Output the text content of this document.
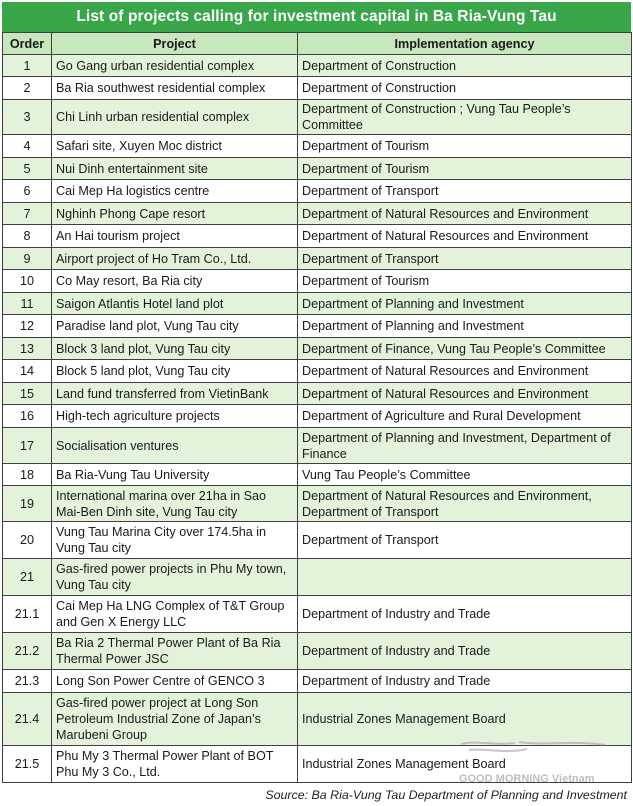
List of projects calling for investment capital in Ba Ria-Vung Tau
Order	Project	Implementation agency
1	Go Gang urban residential complex	Department of Construction
2	Ba Ria southwest residential complex	Department of Construction
3	Chi Linh urban residential complex	Department of Construction ; Vung Tau People’s Committee
4	Safari site, Xuyen Moc district	Department of Tourism
5	Nui Dinh entertainment site	Department of Tourism
6	Cai Mep Ha logistics centre	Department of Transport
7	Nghinh Phong Cape resort	Department of Natural Resources and Environment
8	An Hai tourism project	Department of Natural Resources and Environment
9	Airport project of Ho Tram Co., Ltd.	Department of Transport
10	Co May resort, Ba Ria city	Department of Tourism
11	Saigon Atlantis Hotel land plot	Department of Planning and Investment
12	Paradise land plot, Vung Tau city	Department of Planning and Investment
13	Block 3 land plot, Vung Tau city	Department of Finance, Vung Tau People’s Committee
14	Block 5 land plot, Vung Tau city	Department of Natural Resources and Environment
15	Land fund transferred from VietinBank	Department of Natural Resources and Environment
16	High-tech agriculture projects	Department of Agriculture and Rural Development
17	Socialisation ventures	Department of Planning and Investment, Department of Finance
18	Ba Ria-Vung Tau University	Vung Tau People’s Committee
19	International marina over 21ha in Sao Mai-Ben Dinh site, Vung Tau city	Department of Natural Resources and Environment, Department of Transport
20	Vung Tau Marina City over 174.5ha in Vung Tau city	Department of Transport
21	Gas-fired power projects in Phu My town, Vung Tau city	
21.1	Cai Mep Ha LNG Complex of T&T Group and Gen X Energy LLC	Department of Industry and Trade
21.2	Ba Ria 2 Thermal Power Plant of Ba Ria Thermal Power JSC	Department of Industry and Trade
21.3	Long Son Power Centre of GENCO 3	Department of Industry and Trade
21.4	Gas-fired power project at Long Son Petroleum Industrial Zone of Japan’s Marubeni Group	Industrial Zones Management Board
21.5	Phu My 3 Thermal Power Plant of BOT Phu My 3 Co., Ltd.	Industrial Zones Management Board
GOOD MORNING Vietnam
Source: Ba Ria-Vung Tau Department of Planning and Investment
